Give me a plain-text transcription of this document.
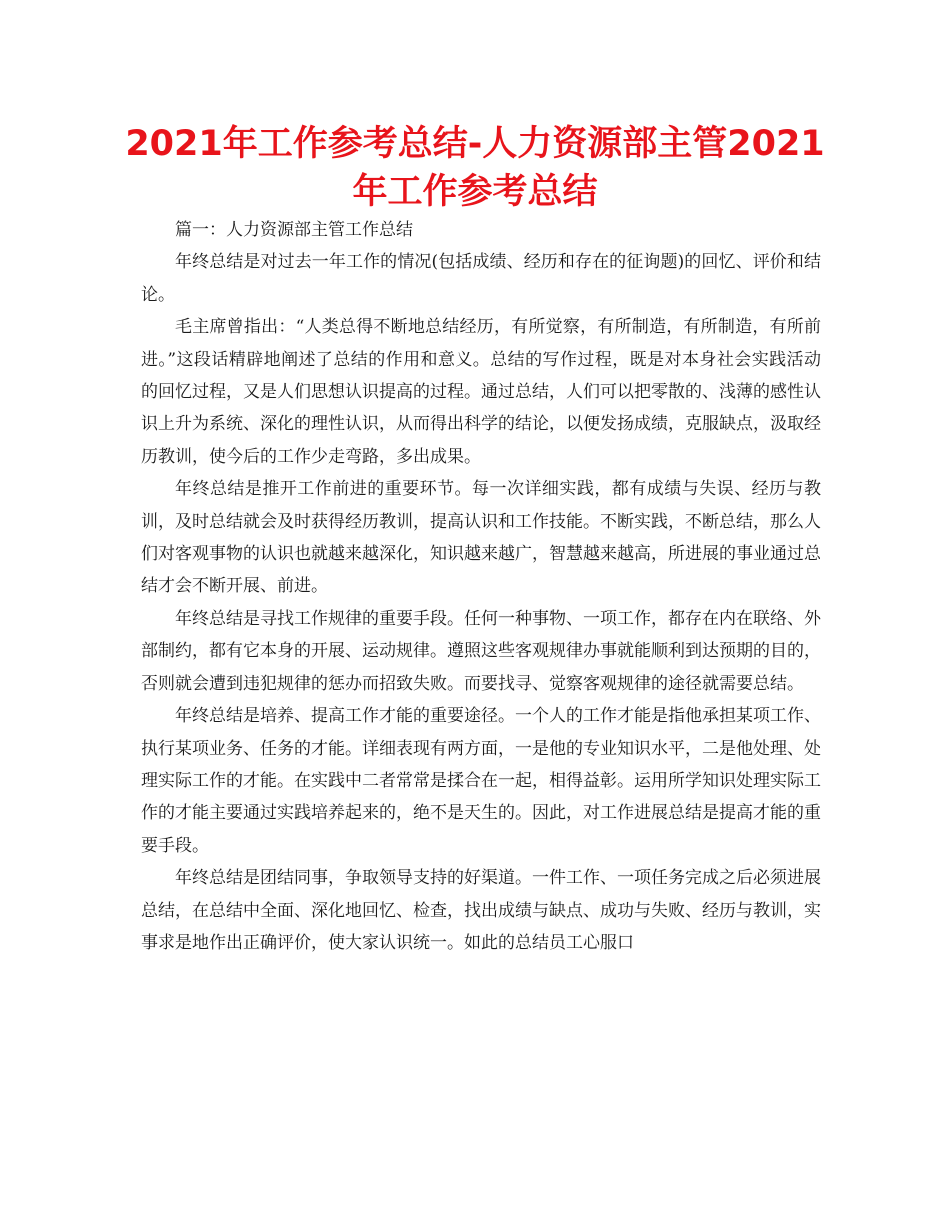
2021年工作参考总结-人力资源部主管2021年工作参考总结

篇一：人力资源部主管工作总结

年终总结是对过去一年工作的情况(包括成绩、经历和存在的征询题)的回忆、评价和结论。

毛主席曾指出：“人类总得不断地总结经历，有所觉察，有所制造，有所制造，有所前进。”这段话精辟地阐述了总结的作用和意义。总结的写作过程，既是对本身社会实践活动的回忆过程，又是人们思想认识提高的过程。通过总结，人们可以把零散的、浅薄的感性认识上升为系统、深化的理性认识，从而得出科学的结论，以便发扬成绩，克服缺点，汲取经历教训，使今后的工作少走弯路，多出成果。

年终总结是推开工作前进的重要环节。每一次详细实践，都有成绩与失误、经历与教训，及时总结就会及时获得经历教训，提高认识和工作技能。不断实践，不断总结，那么人们对客观事物的认识也就越来越深化，知识越来越广，智慧越来越高，所进展的事业通过总结才会不断开展、前进。

年终总结是寻找工作规律的重要手段。任何一种事物、一项工作，都存在内在联络、外部制约，都有它本身的开展、运动规律。遵照这些客观规律办事就能顺利到达预期的目的，否则就会遭到违犯规律的惩办而招致失败。而要找寻、觉察客观规律的途径就需要总结。

年终总结是培养、提高工作才能的重要途径。一个人的工作才能是指他承担某项工作、执行某项业务、任务的才能。详细表现有两方面，一是他的专业知识水平，二是他处理、处理实际工作的才能。在实践中二者常常是揉合在一起，相得益彰。运用所学知识处理实际工作的才能主要通过实践培养起来的，绝不是天生的。因此，对工作进展总结是提高才能的重要手段。

年终总结是团结同事，争取领导支持的好渠道。一件工作、一项任务完成之后必须进展总结，在总结中全面、深化地回忆、检查，找出成绩与缺点、成功与失败、经历与教训，实事求是地作出正确评价，使大家认识统一。如此的总结员工心服口
